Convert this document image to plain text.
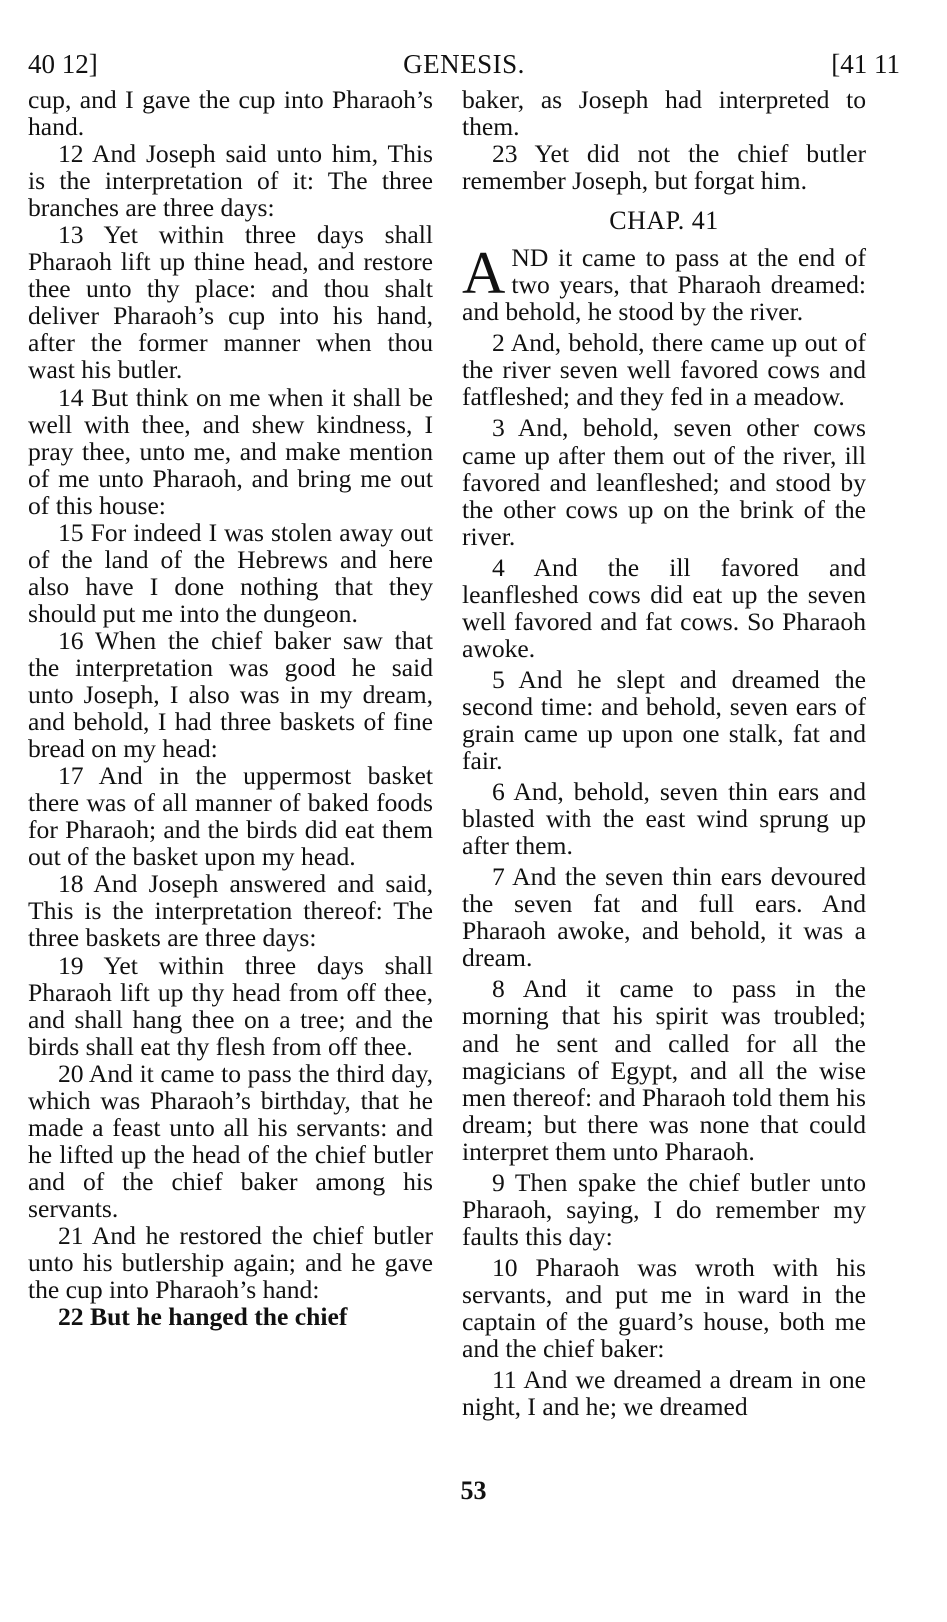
40 12]	GENESIS.	[41 11

cup, and I gave the cup into Pharaoh’s hand.

12 And Joseph said unto him, This is the interpretation of it: The three branches are three days:

13 Yet within three days shall Pharaoh lift up thine head, and restore thee unto thy place: and thou shalt deliver Pharaoh’s cup into his hand, after the former manner when thou wast his butler.

14 But think on me when it shall be well with thee, and shew kindness, I pray thee, unto me, and make mention of me unto Pharaoh, and bring me out of this house:

15 For indeed I was stolen away out of the land of the Hebrews and here also have I done nothing that they should put me into the dungeon.

16 When the chief baker saw that the interpretation was good he said unto Joseph, I also was in my dream, and behold, I had three baskets of fine bread on my head:

17 And in the uppermost basket there was of all manner of baked foods for Pharaoh; and the birds did eat them out of the basket upon my head.

18 And Joseph answered and said, This is the interpretation thereof: The three baskets are three days:

19 Yet within three days shall Pharaoh lift up thy head from off thee, and shall hang thee on a tree; and the birds shall eat thy flesh from off thee.

20 And it came to pass the third day, which was Pharaoh’s birthday, that he made a feast unto all his servants: and he lifted up the head of the chief butler and of the chief baker among his servants.

21 And he restored the chief butler unto his butlership again; and he gave the cup into Pharaoh’s hand:

22 But he hanged the chief

baker, as Joseph had interpreted to them.

23 Yet did not the chief butler remember Joseph, but forgat him.

CHAP. 41

AND it came to pass at the end of two years, that Pharaoh dreamed: and behold, he stood by the river.

2 And, behold, there came up out of the river seven well favored cows and fatfleshed; and they fed in a meadow.

3 And, behold, seven other cows came up after them out of the river, ill favored and leanfleshed; and stood by the other cows up on the brink of the river.

4 And the ill favored and leanfleshed cows did eat up the seven well favored and fat cows. So Pharaoh awoke.

5 And he slept and dreamed the second time: and behold, seven ears of grain came up upon one stalk, fat and fair.

6 And, behold, seven thin ears and blasted with the east wind sprung up after them.

7 And the seven thin ears devoured the seven fat and full ears. And Pharaoh awoke, and behold, it was a dream.

8 And it came to pass in the morning that his spirit was troubled; and he sent and called for all the magicians of Egypt, and all the wise men thereof: and Pharaoh told them his dream; but there was none that could interpret them unto Pharaoh.

9 Then spake the chief butler unto Pharaoh, saying, I do remember my faults this day:

10 Pharaoh was wroth with his servants, and put me in ward in the captain of the guard’s house, both me and the chief baker:

11 And we dreamed a dream in one night, I and he; we dreamed

53
